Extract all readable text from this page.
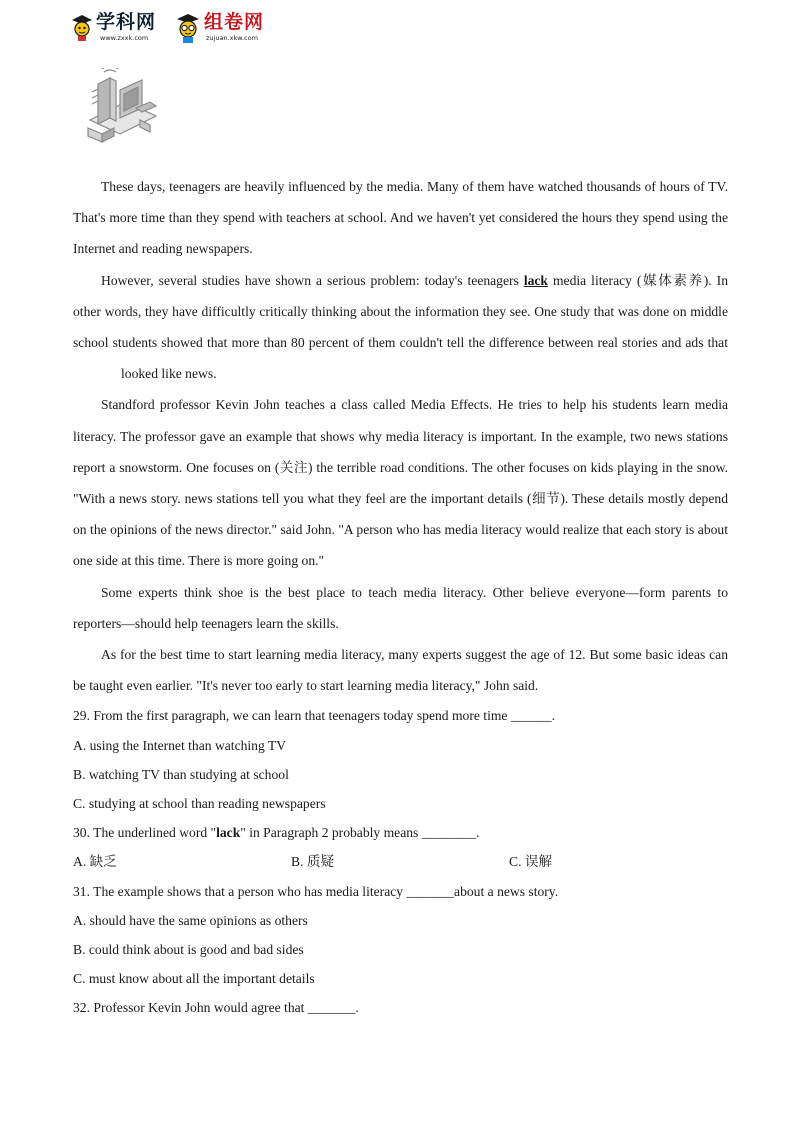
学科网
www.zxxk.com
组卷网
zujuan.xkw.com

These days, teenagers are heavily influenced by the media. Many of them have watched thousands of hours of TV. That's more time than they spend with teachers at school. And we haven't yet considered the hours they spend using the Internet and reading newspapers.

However, several studies have shown a serious problem: today's teenagers lack media literacy (媒体素养). In other words, they have difficultly critically thinking about the information they see. One study that was done on middle school students showed that more than 80 percent of them couldn't tell the difference between real stories and ads thatlooked like news.

Standford professor Kevin John teaches a class called Media Effects. He tries to help his students learn media literacy. The professor gave an example that shows why media literacy is important. In the example, two news stations report a snowstorm. One focuses on (关注) the terrible road conditions. The other focuses on kids playing in the snow. "With a news story. news stations tell you what they feel are the important details (细节). These details mostly depend on the opinions of the news director." said John. "A person who has media literacy would realize that each story is about one side at this time. There is more going on."

Some experts think shoe is the best place to teach media literacy. Other believe everyone—form parents to reporters—should help teenagers learn the skills.

As for the best time to start learning media literacy, many experts suggest the age of 12. But some basic ideas can be taught even earlier. "It's never too early to start learning media literacy," John said.

29. From the first paragraph, we can learn that teenagers today spend more time ______.

A. using the Internet than watching TV

B. watching TV than studying at school

C. studying at school than reading newspapers

30. The underlined word "lack" in Paragraph 2 probably means ________.

A. 缺乏	B. 质疑	C. 误解

31. The example shows that a person who has media literacy _______about a news story.

A. should have the same opinions as others

B. could think about is good and bad sides

C. must know about all the important details

32. Professor Kevin John would agree that _______.
